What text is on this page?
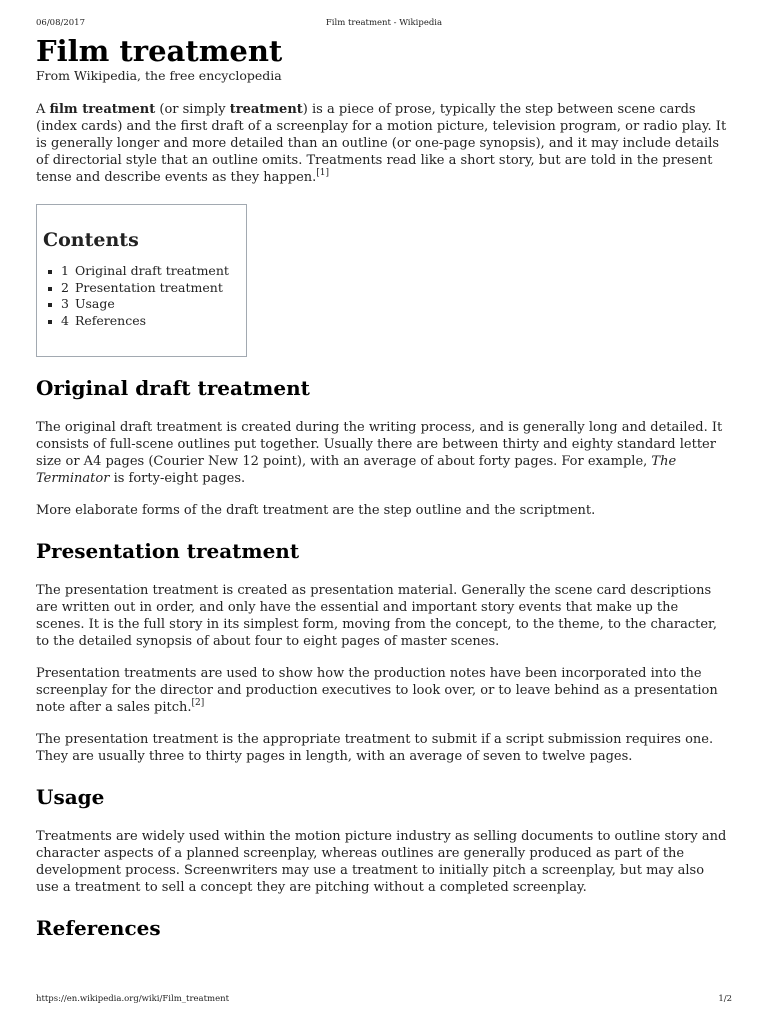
06/08/2017	Film treatment - Wikipedia
Film treatment
From Wikipedia, the free encyclopedia

A film treatment (or simply treatment) is a piece of prose, typically the step between scene cards (index cards) and the first draft of a screenplay for a motion picture, television program, or radio play. It is generally longer and more detailed than an outline (or one-page synopsis), and it may include details of directorial style that an outline omits. Treatments read like a short story, but are told in the present tense and describe events as they happen.[1]

Contents
1 Original draft treatment
2 Presentation treatment
3 Usage
4 References
Original draft treatment

The original draft treatment is created during the writing process, and is generally long and detailed. It consists of full-scene outlines put together. Usually there are between thirty and eighty standard letter size or A4 pages (Courier New 12 point), with an average of about forty pages. For example, The Terminator is forty-eight pages.

More elaborate forms of the draft treatment are the step outline and the scriptment.

Presentation treatment

The presentation treatment is created as presentation material. Generally the scene card descriptions are written out in order, and only have the essential and important story events that make up the scenes. It is the full story in its simplest form, moving from the concept, to the theme, to the character, to the detailed synopsis of about four to eight pages of master scenes.

Presentation treatments are used to show how the production notes have been incorporated into the screenplay for the director and production executives to look over, or to leave behind as a presentation note after a sales pitch.[2]

The presentation treatment is the appropriate treatment to submit if a script submission requires one. They are usually three to thirty pages in length, with an average of seven to twelve pages.

Usage

Treatments are widely used within the motion picture industry as selling documents to outline story and character aspects of a planned screenplay, whereas outlines are generally produced as part of the development process. Screenwriters may use a treatment to initially pitch a screenplay, but may also use a treatment to sell a concept they are pitching without a completed screenplay.

References
https://en.wikipedia.org/wiki/Film_treatment	1/2
